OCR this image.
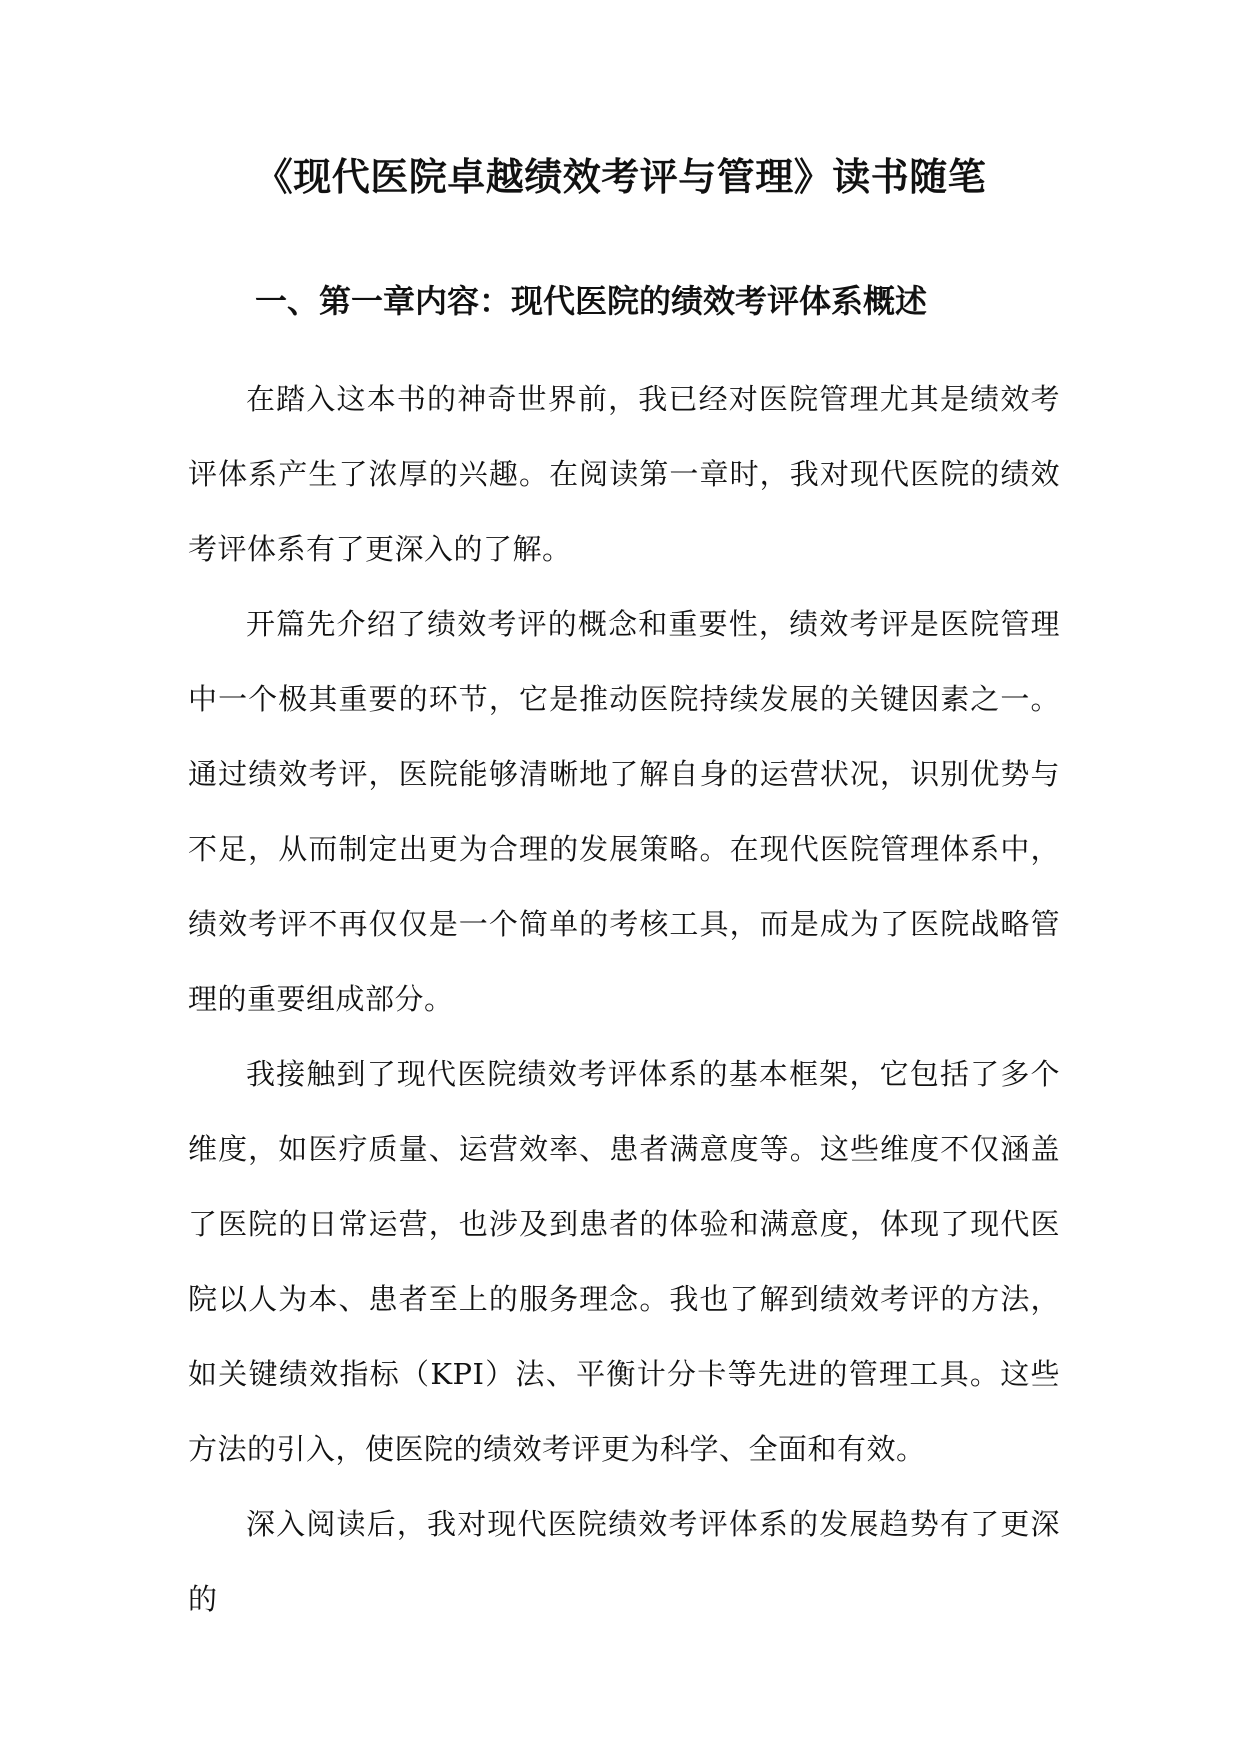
《现代医院卓越绩效考评与管理》读书随笔
一、第一章内容：现代医院的绩效考评体系概述

在踏入这本书的神奇世界前，我已经对医院管理尤其是绩效考评体系产生了浓厚的兴趣。在阅读第一章时，我对现代医院的绩效考评体系有了更深入的了解。

开篇先介绍了绩效考评的概念和重要性，绩效考评是医院管理中一个极其重要的环节，它是推动医院持续发展的关键因素之一。通过绩效考评，医院能够清晰地了解自身的运营状况，识别优势与不足，从而制定出更为合理的发展策略。在现代医院管理体系中，绩效考评不再仅仅是一个简单的考核工具，而是成为了医院战略管理的重要组成部分。

我接触到了现代医院绩效考评体系的基本框架，它包括了多个维度，如医疗质量、运营效率、患者满意度等。这些维度不仅涵盖了医院的日常运营，也涉及到患者的体验和满意度，体现了现代医院以人为本、患者至上的服务理念。我也了解到绩效考评的方法，如关键绩效指标（KPI）法、平衡计分卡等先进的管理工具。这些方法的引入，使医院的绩效考评更为科学、全面和有效。

深入阅读后，我对现代医院绩效考评体系的发展趋势有了更深的
